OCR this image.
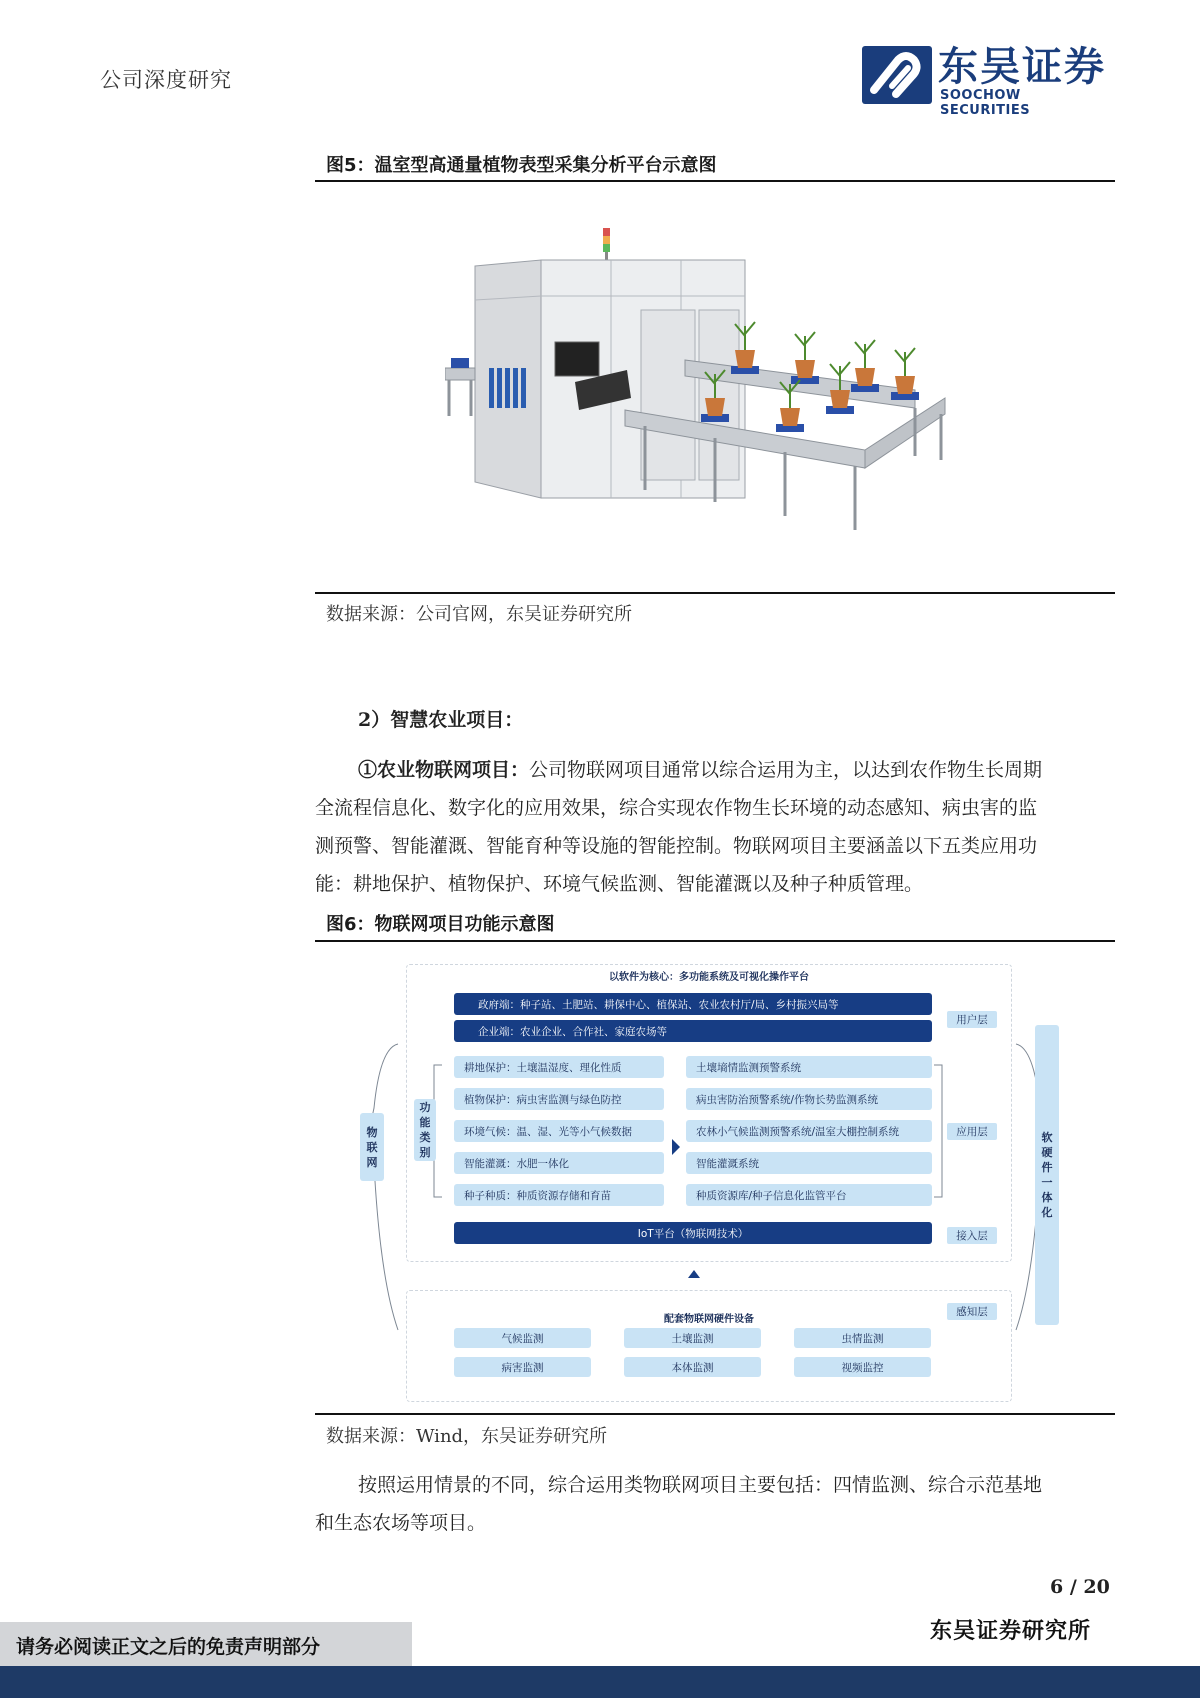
公司深度研究	东吴证券
SOOCHOW SECURITIES
图5：温室型高通量植物表型采集分析平台示意图
数据来源：公司官网，东吴证券研究所
2）智慧农业项目：
①农业物联网项目：公司物联网项目通常以综合运用为主，以达到农作物生长周期
全流程信息化、数字化的应用效果，综合实现农作物生长环境的动态感知、病虫害的监
测预警、智能灌溉、智能育种等设施的智能控制。物联网项目主要涵盖以下五类应用功
能：耕地保护、植物保护、环境气候监测、智能灌溉以及种子种质管理。
图6：物联网项目功能示意图
以软件为核心：多功能系统及可视化操作平台
政府端：种子站、土肥站、耕保中心、植保站、农业农村厅/局、乡村振兴局等
企业端：农业企业、合作社、家庭农场等
用户层
功能类别
物联网
软硬件一体化
耕地保护：土壤温湿度、理化性质
植物保护：病虫害监测与绿色防控
环境气候：温、湿、光等小气候数据
智能灌溉：水肥一体化
种子种质：种质资源存储和育苗
土壤墒情监测预警系统
病虫害防治预警系统/作物长势监测系统
农林小气候监测预警系统/温室大棚控制系统
智能灌溉系统
种质资源库/种子信息化监管平台
应用层
IoT平台（物联网技术）	接入层
配套物联网硬件设备
气候监测	土壤监测	虫情监测
病害监测	本体监测	视频监控
感知层
数据来源：Wind，东吴证券研究所
按照运用情景的不同，综合运用类物联网项目主要包括：四情监测、综合示范基地
和生态农场等项目。
6 / 20
东吴证券研究所
请务必阅读正文之后的免责声明部分
